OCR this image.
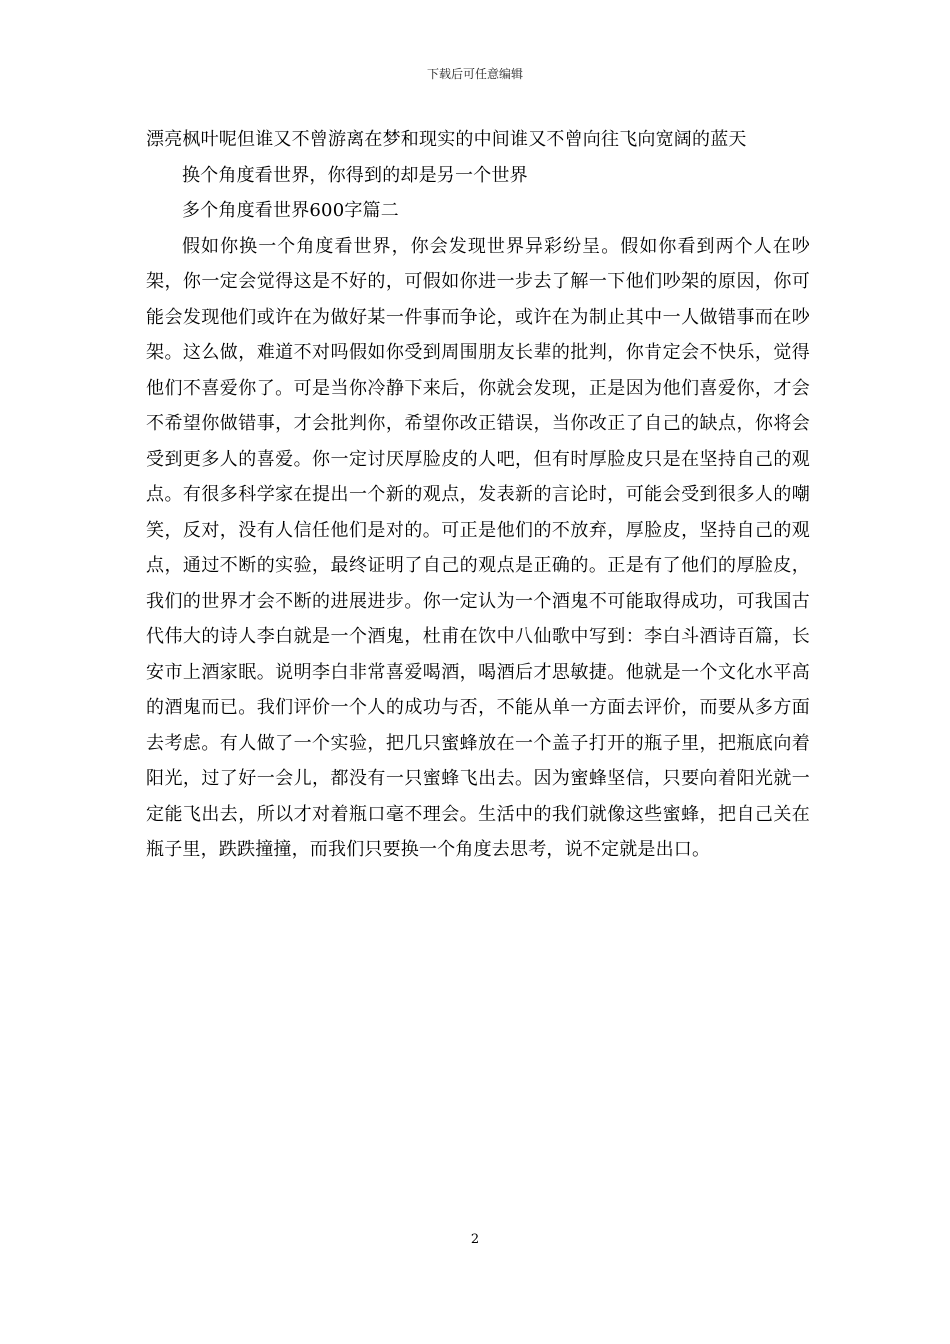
下载后可任意编辑

漂亮枫叶呢但谁又不曾游离在梦和现实的中间谁又不曾向往飞向宽阔的蓝天

换个角度看世界，你得到的却是另一个世界

多个角度看世界600字篇二

假如你换一个角度看世界，你会发现世界异彩纷呈。假如你看到两个人在吵架，你一定会觉得这是不好的，可假如你进一步去了解一下他们吵架的原因，你可能会发现他们或许在为做好某一件事而争论，或许在为制止其中一人做错事而在吵架。这么做，难道不对吗假如你受到周围朋友长辈的批判，你肯定会不快乐，觉得他们不喜爱你了。可是当你冷静下来后，你就会发现，正是因为他们喜爱你，才会不希望你做错事，才会批判你，希望你改正错误，当你改正了自己的缺点，你将会受到更多人的喜爱。你一定讨厌厚脸皮的人吧，但有时厚脸皮只是在坚持自己的观点。有很多科学家在提出一个新的观点，发表新的言论时，可能会受到很多人的嘲笑，反对，没有人信任他们是对的。可正是他们的不放弃，厚脸皮，坚持自己的观点，通过不断的实验，最终证明了自己的观点是正确的。正是有了他们的厚脸皮，我们的世界才会不断的进展进步。你一定认为一个酒鬼不可能取得成功，可我国古代伟大的诗人李白就是一个酒鬼，杜甫在饮中八仙歌中写到：李白斗酒诗百篇，长安市上酒家眠。说明李白非常喜爱喝酒，喝酒后才思敏捷。他就是一个文化水平高的酒鬼而已。我们评价一个人的成功与否，不能从单一方面去评价，而要从多方面去考虑。有人做了一个实验，把几只蜜蜂放在一个盖子打开的瓶子里，把瓶底向着阳光，过了好一会儿，都没有一只蜜蜂飞出去。因为蜜蜂坚信，只要向着阳光就一定能飞出去，所以才对着瓶口毫不理会。生活中的我们就像这些蜜蜂，把自己关在瓶子里，跌跌撞撞，而我们只要换一个角度去思考，说不定就是出口。

2
